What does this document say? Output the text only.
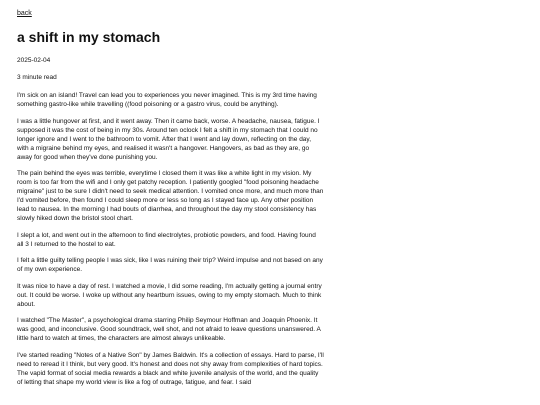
back
a shift in my stomach

2025-02-04

3 minute read

I'm sick on an island! Travel can lead you to experiences you never imagined. This is my 3rd time having something gastro-like while travelling ((food poisoning or a gastro virus, could be anything).

I was a little hungover at first, and it went away. Then it came back, worse. A headache, nausea, fatigue. I supposed it was the cost of being in my 30s. Around ten oclock I felt a shift in my stomach that I could no longer ignore and I went to the bathroom to vomit. After that I went and lay down, reflecting on the day, with a migraine behind my eyes, and realised it wasn't a hangover. Hangovers, as bad as they are, go away for good when they've done punishing you.

The pain behind the eyes was terrible, everytime I closed them it was like a white light in my vision. My room is too far from the wifi and I only get patchy reception. I patiently googled "food poisoning headache migraine" just to be sure I didn't need to seek medical attention. I vomited once more, and much more than I'd vomited before, then found I could sleep more or less so long as I stayed face up. Any other position lead to nausea. In the morning I had bouts of diarrhea, and throughout the day my stool consistency has slowly hiked down the bristol stool chart.

I slept a lot, and went out in the afternoon to find electrolytes, probiotic powders, and food. Having found all 3 I returned to the hostel to eat.

I felt a little guilty telling people I was sick, like I was ruining their trip? Weird impulse and not based on any of my own experience.

It was nice to have a day of rest. I watched a movie, I did some reading, I'm actually getting a journal entry out. It could be worse. I woke up without any heartburn issues, owing to my empty stomach. Much to think about.

I watched "The Master", a psychological drama starring Philip Seymour Hoffman and Joaquin Phoenix. It was good, and inconclusive. Good soundtrack, well shot, and not afraid to leave questions unanswered. A little hard to watch at times, the characters are almost always unlikeable.

I've started reading "Notes of a Native Son" by James Baldwin. It's a collection of essays. Hard to parse, I'll need to reread it I think, but very good. It's honest and does not shy away from complexities of hard topics. The vapid format of social media rewards a black and white juvenile analysis of the world, and the quality of letting that shape my world view is like a fog of outrage, fatigue, and fear. I said
